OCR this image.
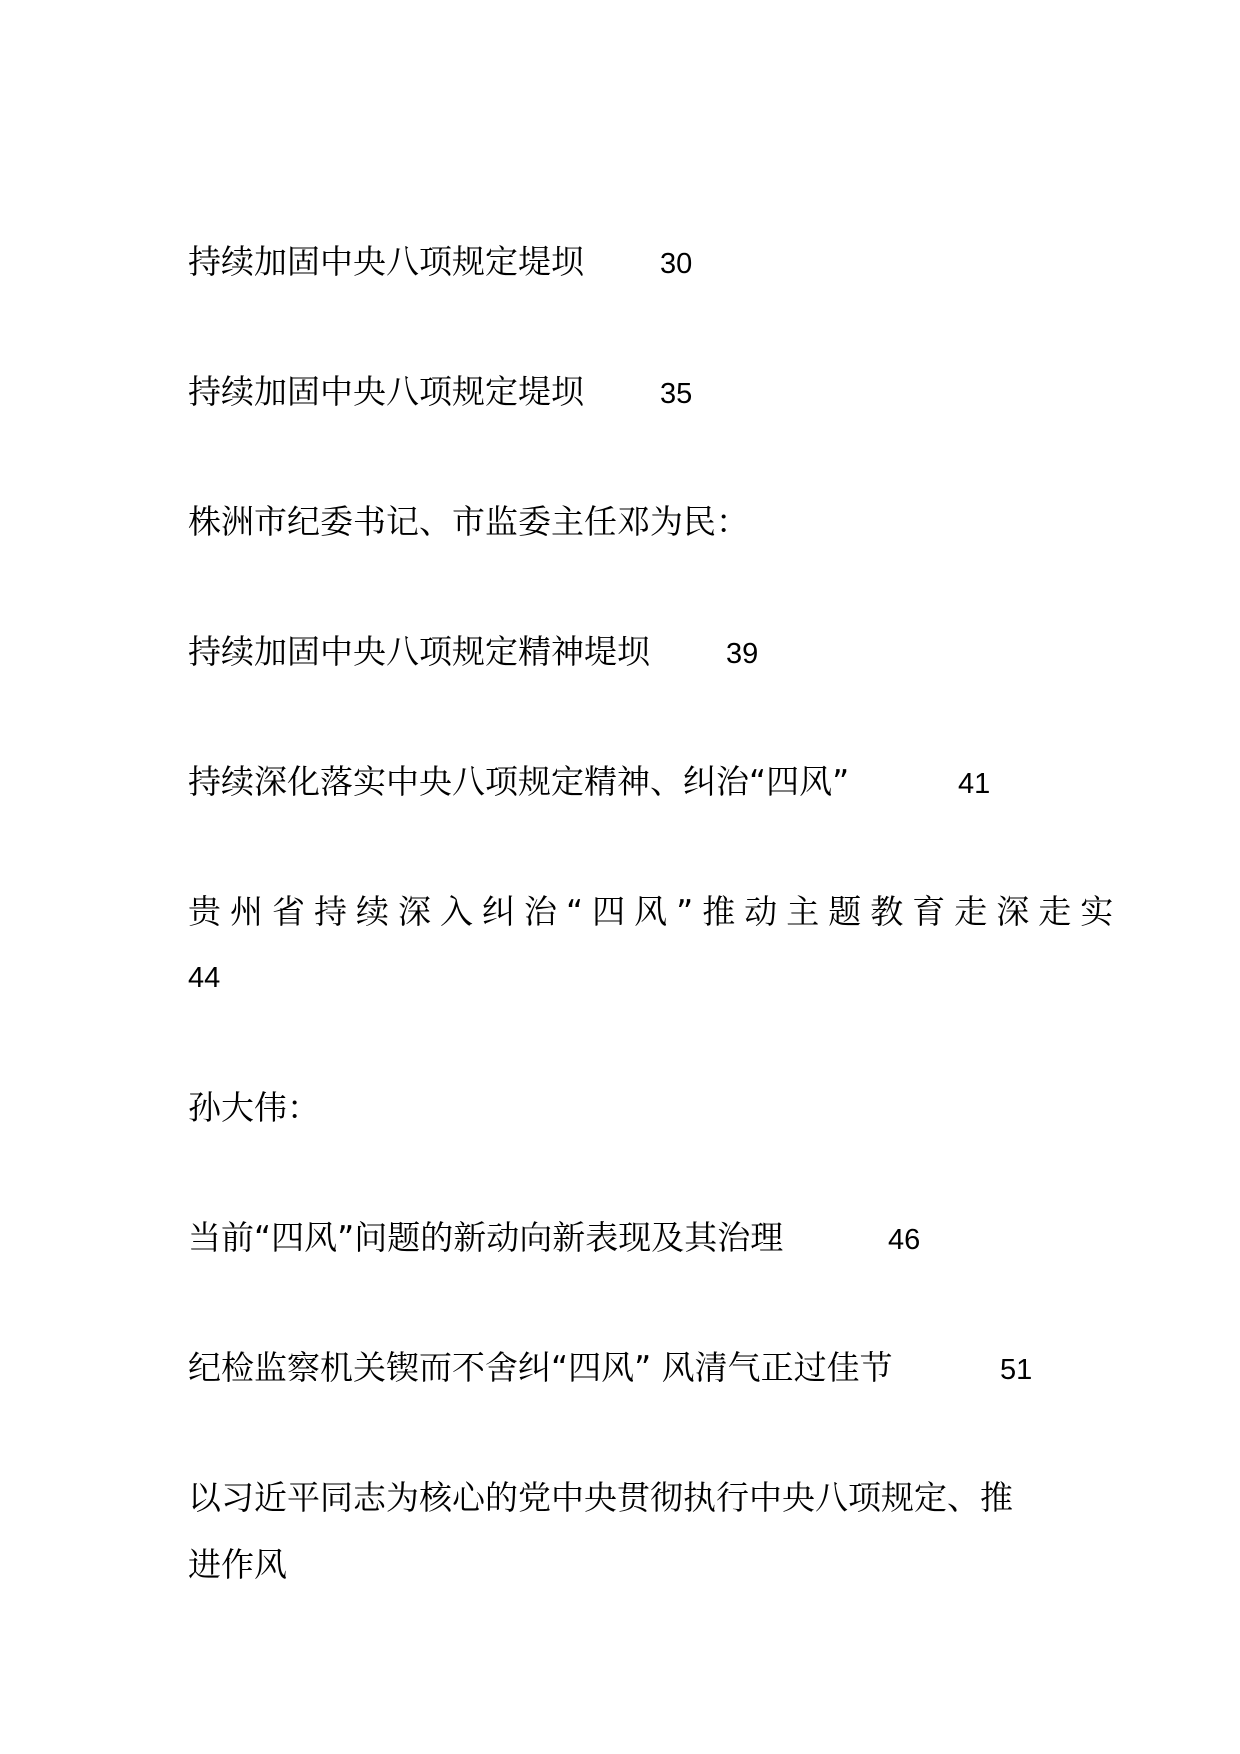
持续加固中央八项规定堤坝	30
持续加固中央八项规定堤坝	35
株洲市纪委书记、市监委主任邓为民：
持续加固中央八项规定精神堤坝	39
持续深化落实中央八项规定精神、纠治“四风”	41
贵州省持续深入纠治“四风”推动主题教育走深走实
44
孙大伟：
当前“四风”问题的新动向新表现及其治理	46
纪检监察机关锲而不舍纠“四风” 风清气正过佳节	51
以习近平同志为核心的党中央贯彻执行中央八项规定、推
进作风
